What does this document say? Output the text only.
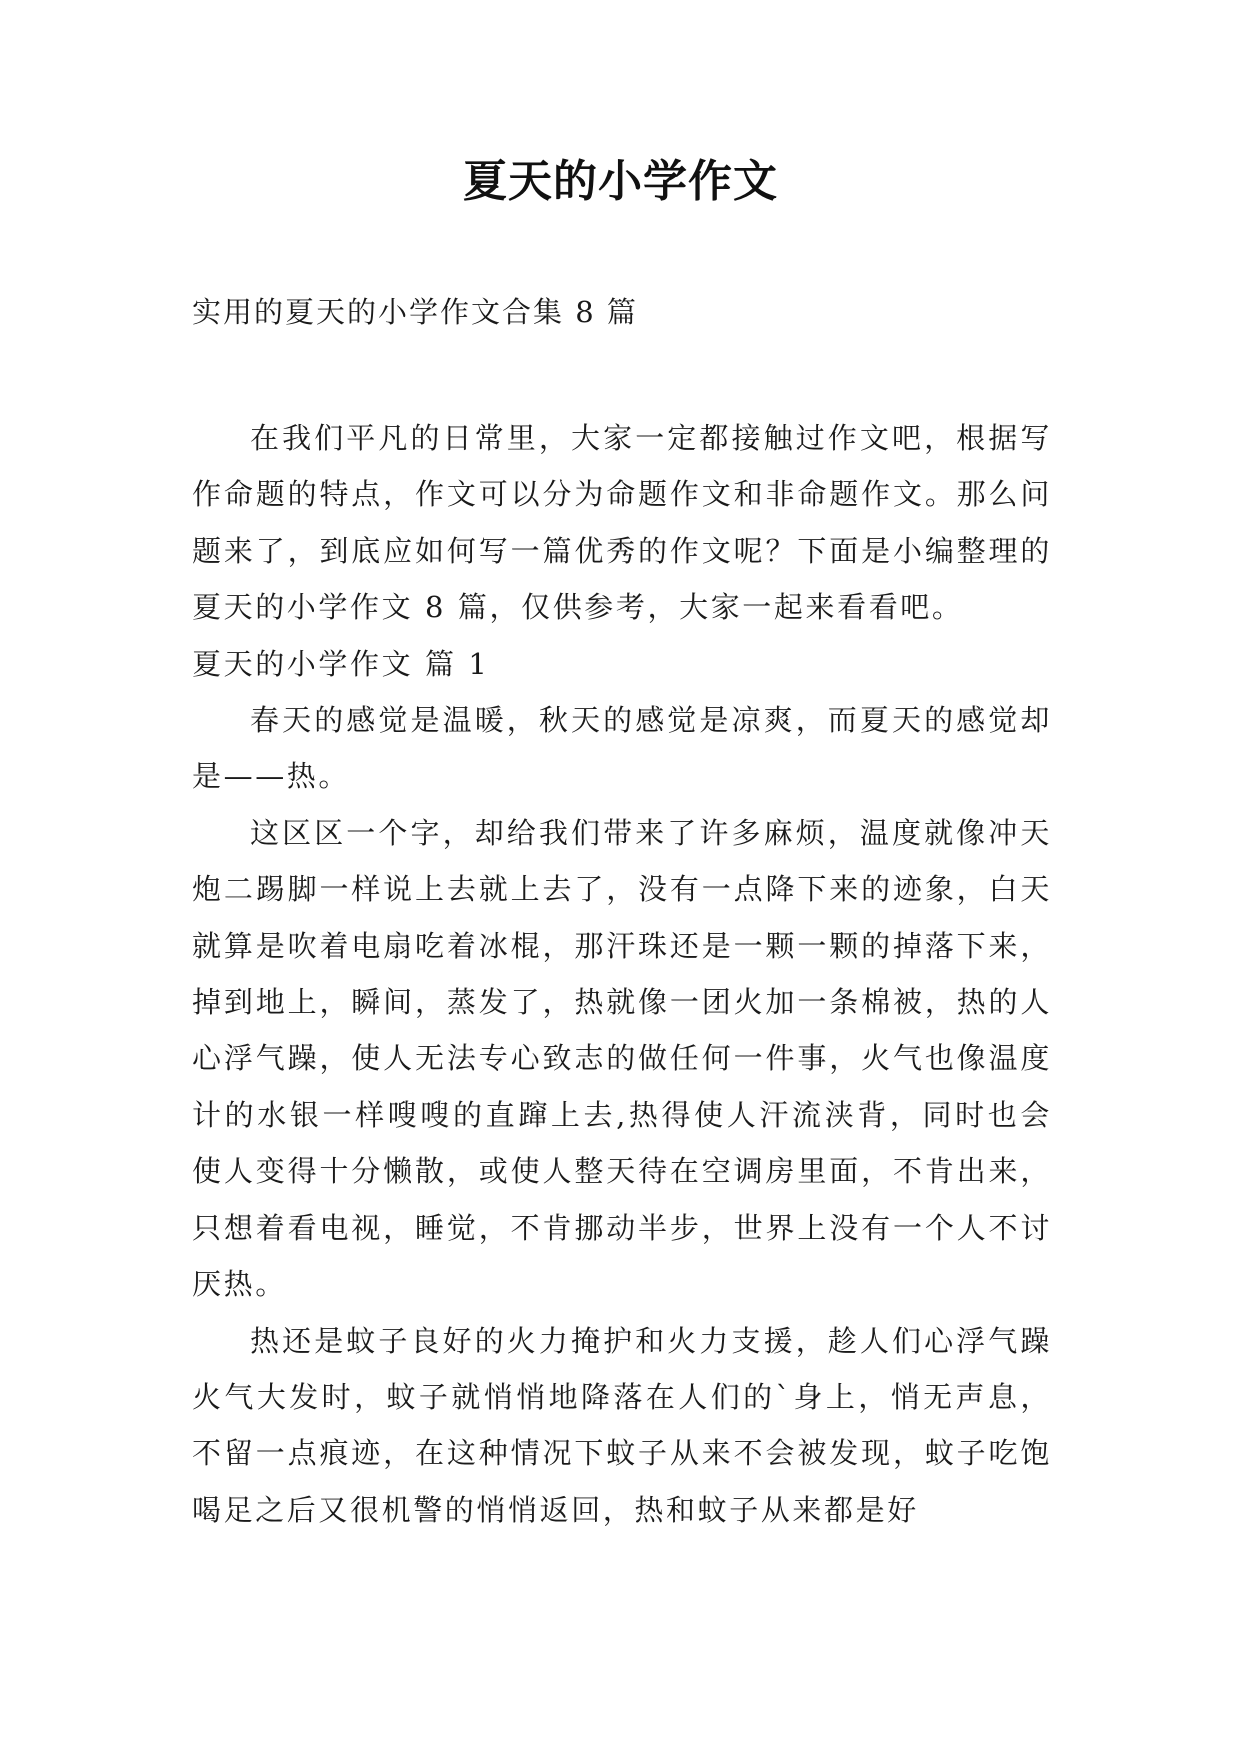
夏天的小学作文
实用的夏天的小学作文合集 8 篇

在我们平凡的日常里，大家一定都接触过作文吧，根据写作命题的特点，作文可以分为命题作文和非命题作文。那么问题来了，到底应如何写一篇优秀的作文呢？下面是小编整理的夏天的小学作文 8 篇，仅供参考，大家一起来看看吧。

夏天的小学作文 篇 1

春天的感觉是温暖，秋天的感觉是凉爽，而夏天的感觉却是——热。

这区区一个字，却给我们带来了许多麻烦，温度就像冲天炮二踢脚一样说上去就上去了，没有一点降下来的迹象，白天就算是吹着电扇吃着冰棍，那汗珠还是一颗一颗的掉落下来，掉到地上，瞬间，蒸发了，热就像一团火加一条棉被，热的人心浮气躁，使人无法专心致志的做任何一件事，火气也像温度计的水银一样嗖嗖的直蹿上去,热得使人汗流浃背，同时也会使人变得十分懒散，或使人整天待在空调房里面，不肯出来，只想着看电视，睡觉，不肯挪动半步，世界上没有一个人不讨厌热。

热还是蚊子良好的火力掩护和火力支援，趁人们心浮气躁火气大发时，蚊子就悄悄地降落在人们的`身上，悄无声息，不留一点痕迹，在这种情况下蚊子从来不会被发现，蚊子吃饱喝足之后又很机警的悄悄返回，热和蚊子从来都是好
